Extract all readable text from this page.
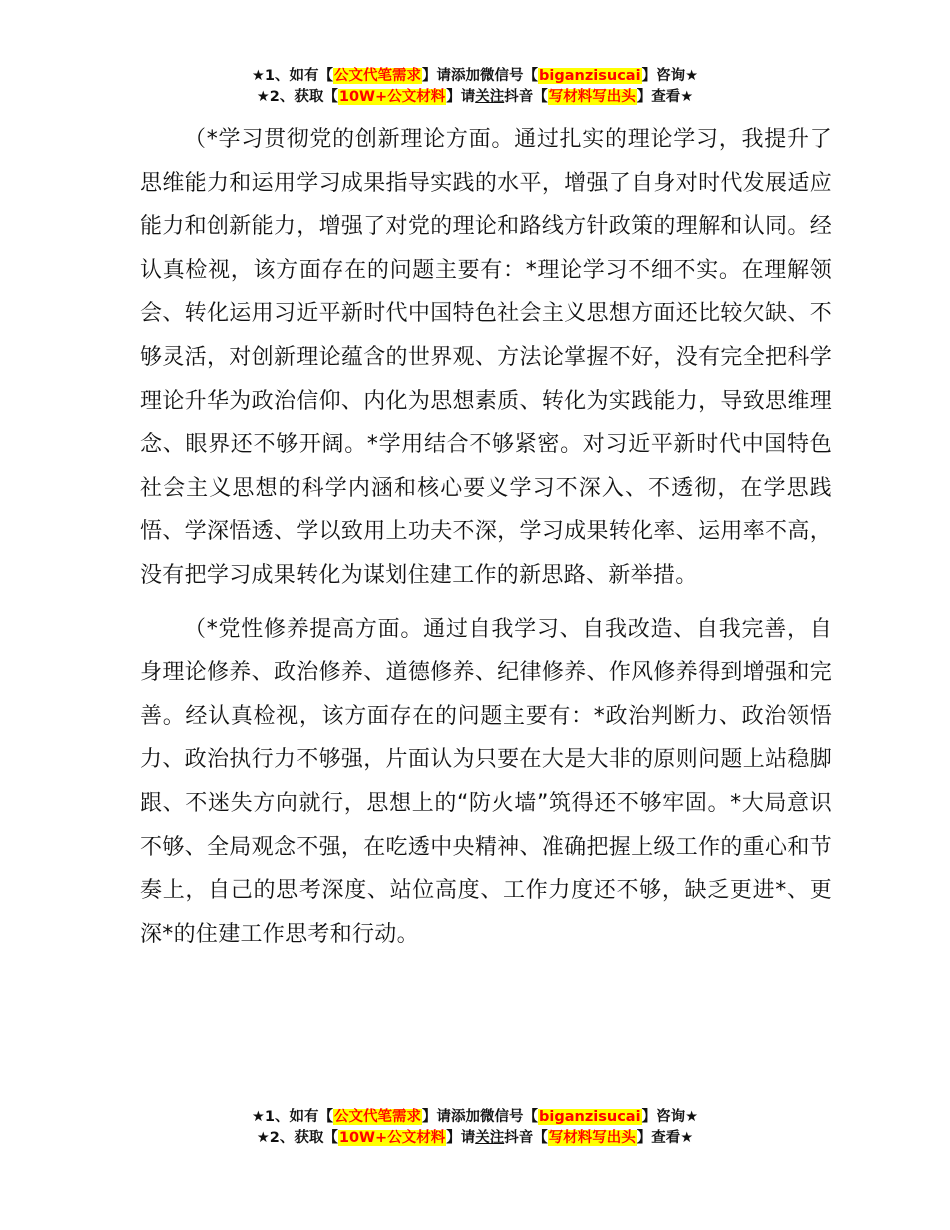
★1、如有【公文代笔需求】请添加微信号【biganzisucai】咨询★
★2、获取【10W+公文材料】请关注抖音【写材料写出头】查看★

（*学习贯彻党的创新理论方面。通过扎实的理论学习，我提升了思维能力和运用学习成果指导实践的水平，增强了自身对时代发展适应能力和创新能力，增强了对党的理论和路线方针政策的理解和认同。经认真检视，该方面存在的问题主要有：*理论学习不细不实。在理解领会、转化运用习近平新时代中国特色社会主义思想方面还比较欠缺、不够灵活，对创新理论蕴含的世界观、方法论掌握不好，没有完全把科学理论升华为政治信仰、内化为思想素质、转化为实践能力，导致思维理念、眼界还不够开阔。*学用结合不够紧密。对习近平新时代中国特色社会主义思想的科学内涵和核心要义学习不深入、不透彻，在学思践悟、学深悟透、学以致用上功夫不深，学习成果转化率、运用率不高，没有把学习成果转化为谋划住建工作的新思路、新举措。

（*党性修养提高方面。通过自我学习、自我改造、自我完善，自身理论修养、政治修养、道德修养、纪律修养、作风修养得到增强和完善。经认真检视，该方面存在的问题主要有：*政治判断力、政治领悟力、政治执行力不够强，片面认为只要在大是大非的原则问题上站稳脚跟、不迷失方向就行，思想上的“防火墙”筑得还不够牢固。*大局意识不够、全局观念不强，在吃透中央精神、准确把握上级工作的重心和节奏上，自己的思考深度、站位高度、工作力度还不够，缺乏更进*、更深*的住建工作思考和行动。

★1、如有【公文代笔需求】请添加微信号【biganzisucai】咨询★
★2、获取【10W+公文材料】请关注抖音【写材料写出头】查看★
